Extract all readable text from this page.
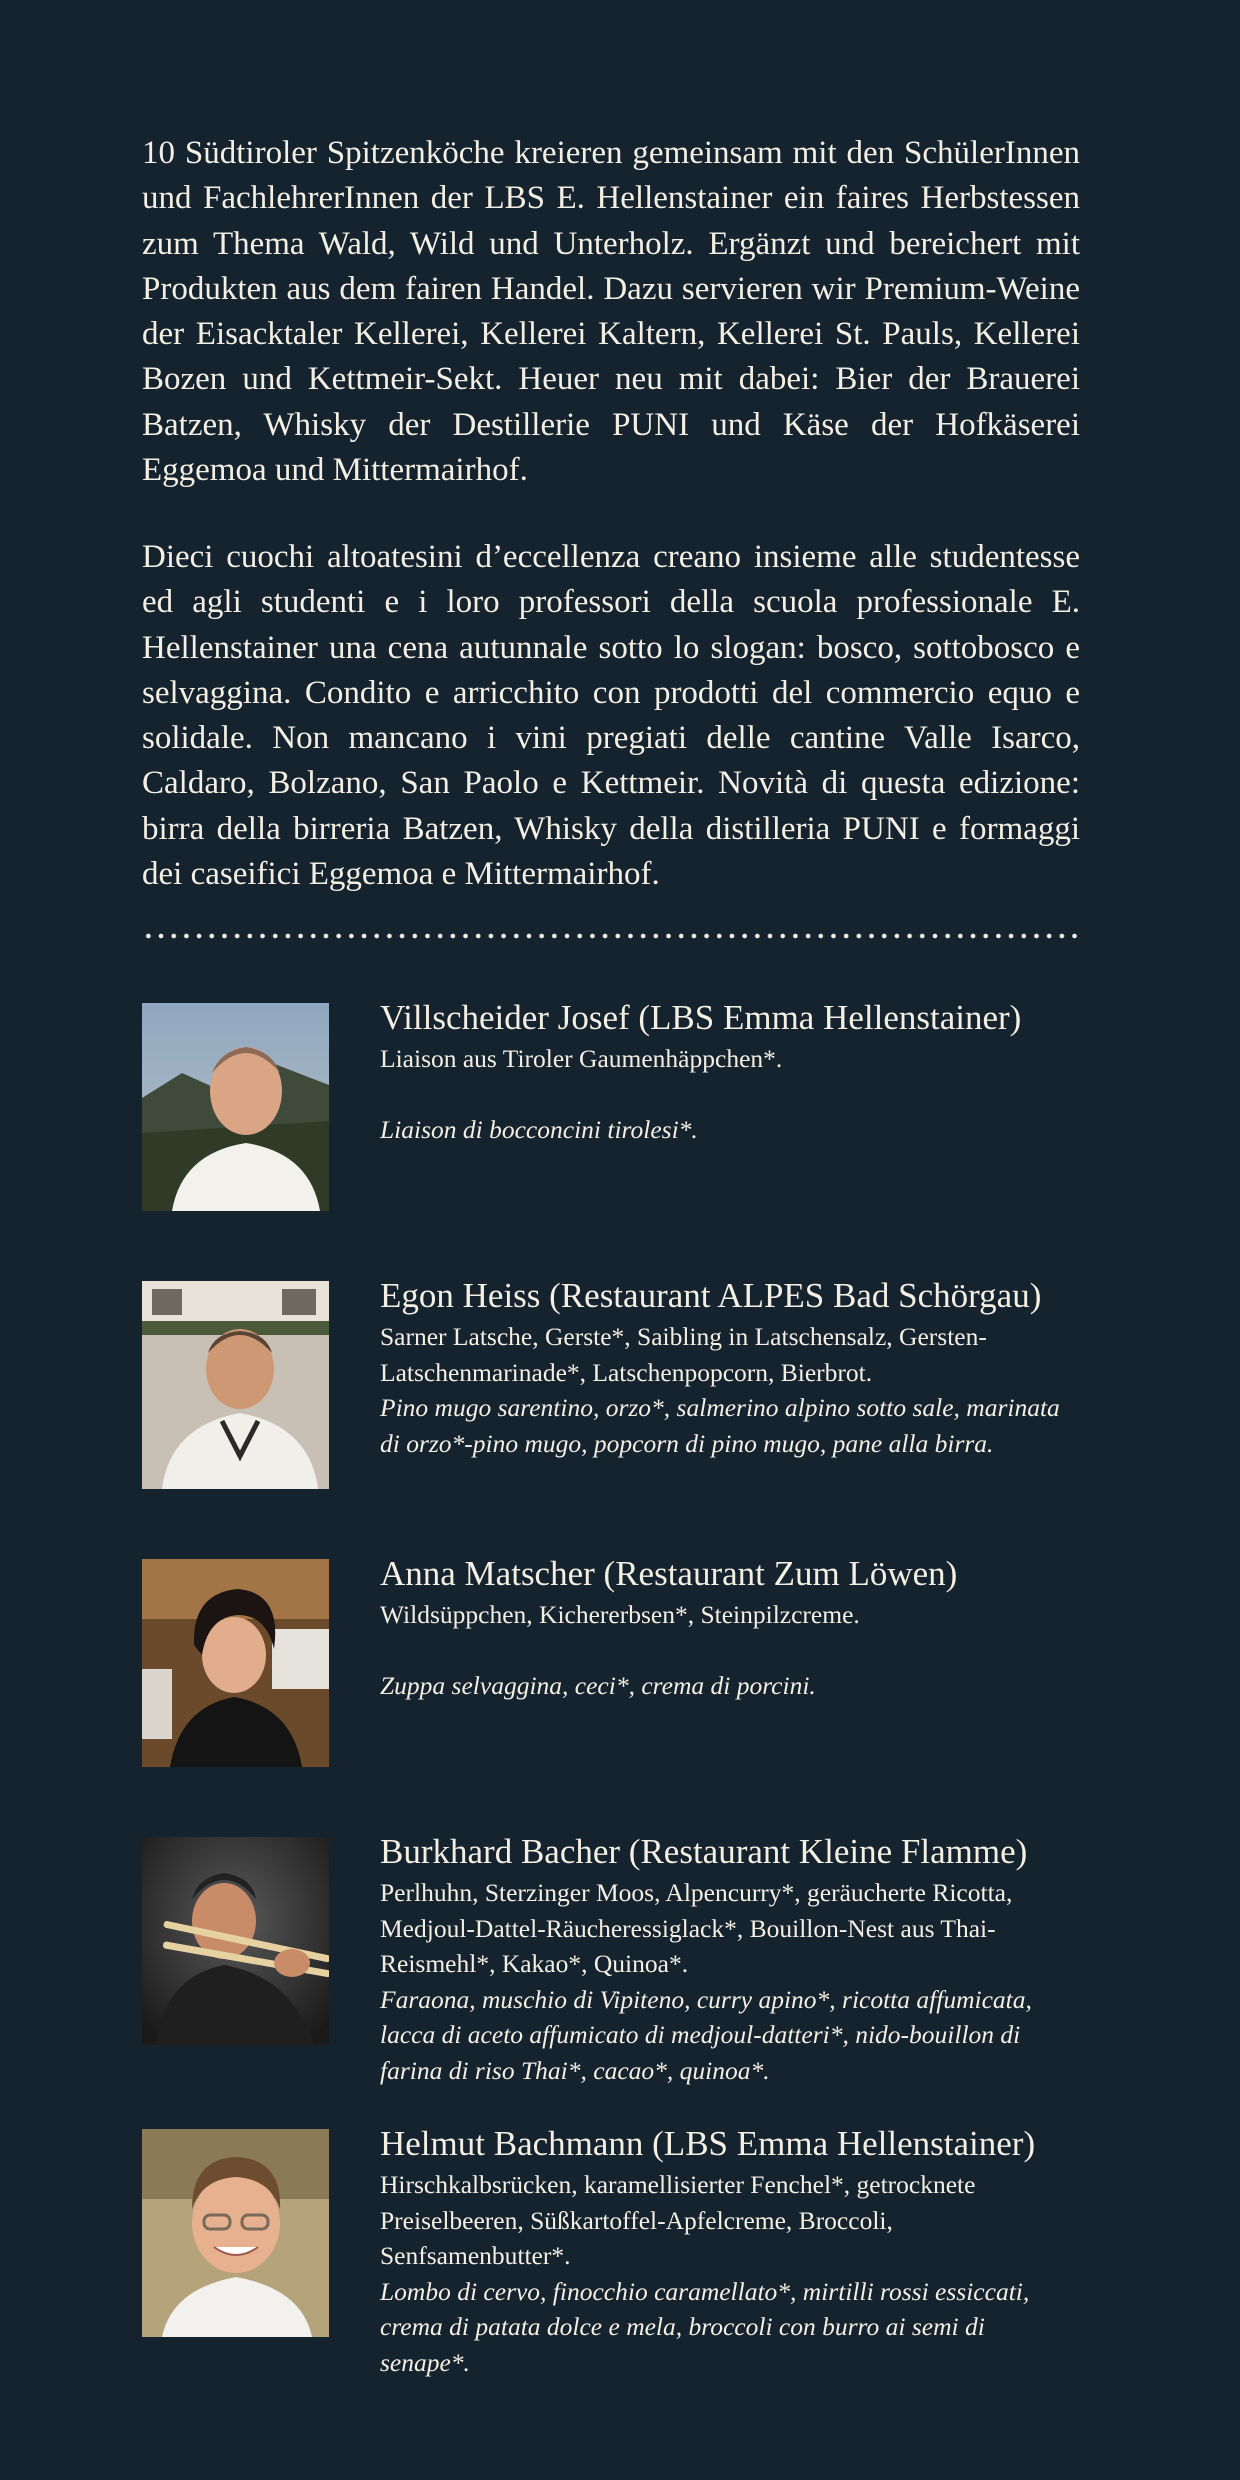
10 Südtiroler Spitzenköche kreieren gemeinsam mit den SchülerInnen und FachlehrerInnen der LBS E. Hellenstainer ein faires Herbstessen zum Thema Wald, Wild und Unterholz. Ergänzt und bereichert mit Produkten aus dem fairen Handel. Dazu servieren wir Premium-Weine der Eisacktaler Kellerei, Kellerei Kaltern, Kellerei St. Pauls, Kellerei Bozen und Kettmeir-Sekt. Heuer neu mit dabei: Bier der Brauerei Batzen, Whisky der Destillerie PUNI und Käse der Hofkäserei Eggemoa und Mittermairhof.

Dieci cuochi altoatesini d’eccellenza creano insieme alle studentesse ed agli studenti e i loro professori della scuola professionale E. Hellenstainer una cena autunnale sotto lo slogan: bosco, sottobosco e selvaggina. Condito e arricchito con prodotti del commercio equo e solidale. Non mancano i vini pregiati delle cantine Valle Isarco, Caldaro, Bolzano, San Paolo e Kettmeir. Novità di questa edizione: birra della birreria Batzen, Whisky della distilleria PUNI e formaggi dei caseifici Eggemoa e Mittermairhof.

Villscheider Josef (LBS Emma Hellenstainer)

Liaison aus Tiroler Gaumenhäppchen*.

Liaison di bocconcini tirolesi*.

Egon Heiss (Restaurant ALPES Bad Schörgau)

Sarner Latsche, Gerste*, Saibling in Latschensalz, Gersten-Latschenmarinade*, Latschenpopcorn, Bierbrot.

Pino mugo sarentino, orzo*, salmerino alpino sotto sale, marinata di orzo*-pino mugo, popcorn di pino mugo, pane alla birra.

Anna Matscher (Restaurant Zum Löwen)

Wildsüppchen, Kichererbsen*, Steinpilzcreme.

Zuppa selvaggina, ceci*, crema di porcini.

Burkhard Bacher (Restaurant Kleine Flamme)

Perlhuhn, Sterzinger Moos, Alpencurry*, geräucherte Ricotta, Medjoul-Dattel-Räucheressiglack*, Bouillon-Nest aus Thai-Reismehl*, Kakao*, Quinoa*.

Faraona, muschio di Vipiteno, curry apino*, ricotta affumicata, lacca di aceto affumicato di medjoul-datteri*, nido-bouillon di farina di riso Thai*, cacao*, quinoa*.

Helmut Bachmann (LBS Emma Hellenstainer)

Hirschkalbsrücken, karamellisierter Fenchel*, getrocknete Preiselbeeren, Süßkartoffel-Apfelcreme, Broccoli, Senfsamenbutter*.

Lombo di cervo, finocchio caramellato*, mirtilli rossi essiccati, crema di patata dolce e mela, broccoli con burro ai semi di senape*.
